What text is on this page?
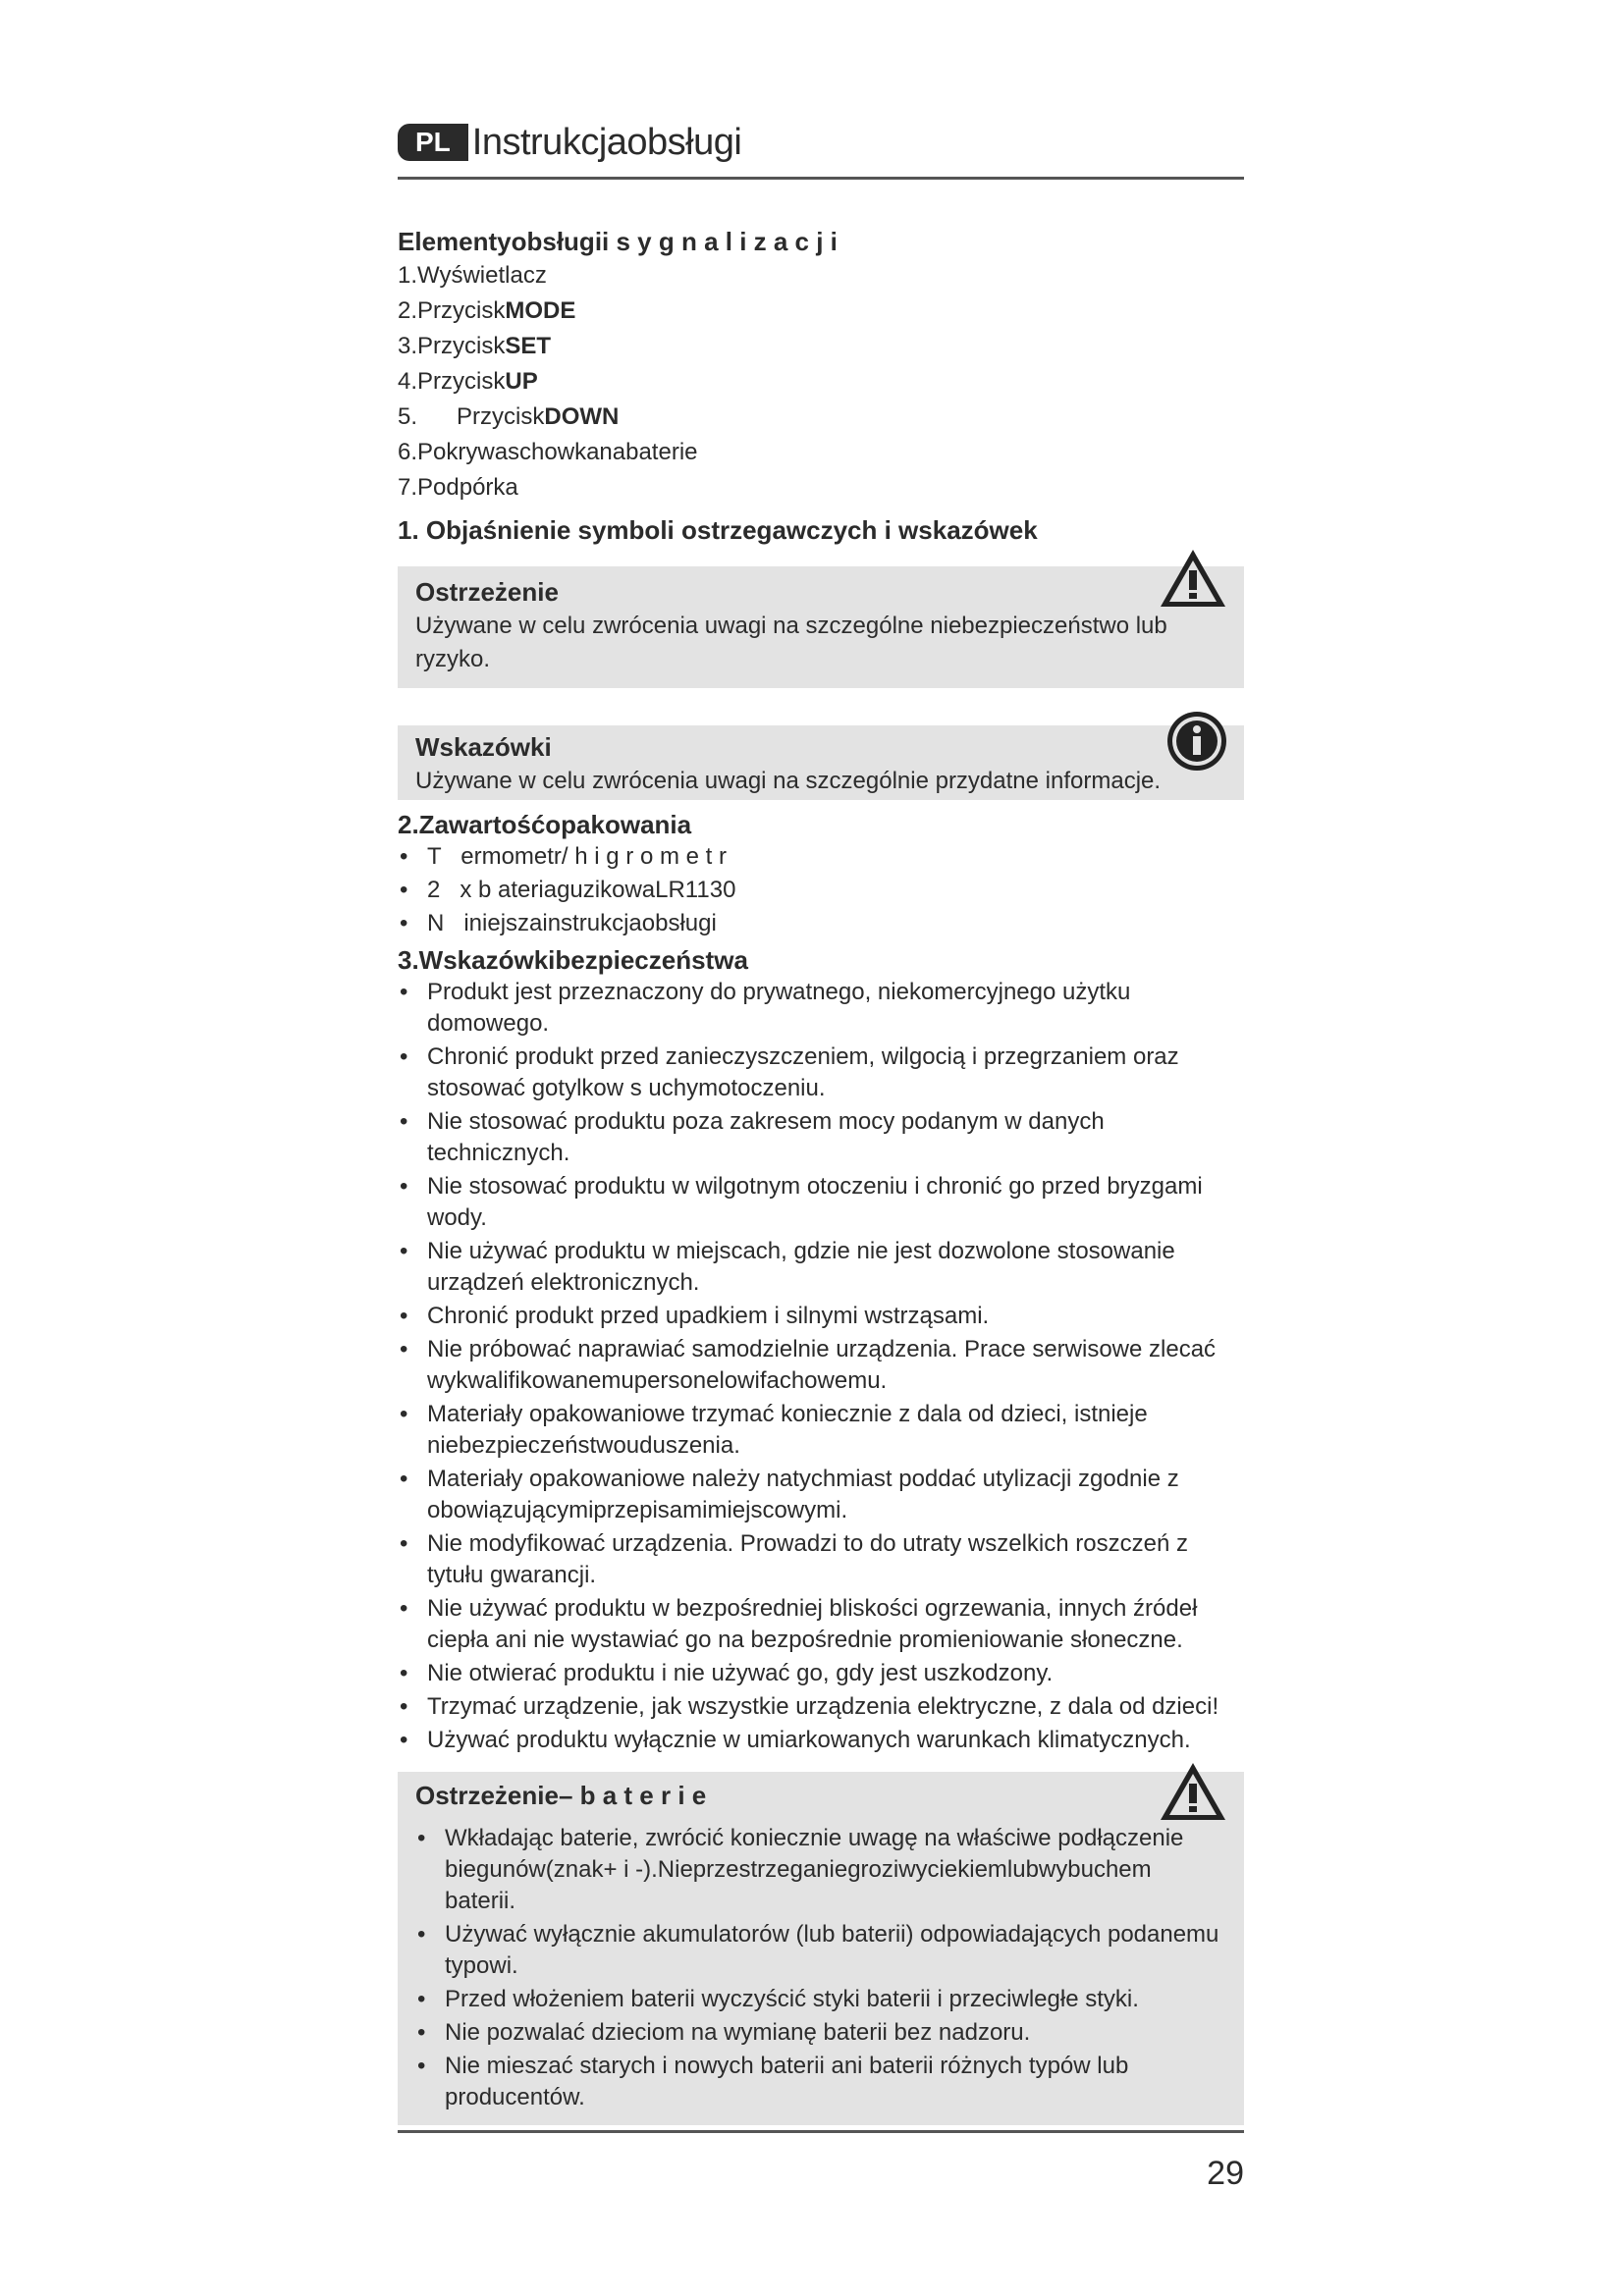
PL Instrukcjaobsługi
Elementyobsługii s y g n a l i z a c j i
1.Wyświetlacz
2.PrzyciskMODE
3.PrzyciskSET
4.PrzyciskUP
5.      PrzyciskDOWN
6.Pokrywaschowkanabaterie
7.Podpórka
1. Objaśnienie symboli ostrzegawczych i wskazówek
Ostrzeżenie
Używane w celu zwrócenia uwagi na szczególne niebezpieczeństwo lub ryzyko.
Wskazówki
Używane w celu zwrócenia uwagi na szczególnie przydatne informacje.
2.Zawartośćopakowania
• T   ermometr/ h i g r o m e t r
• 2   x b ateriaguzikowaLR1130
• N   iniejszainstrukcjaobsługi
3.Wskazówkibezpieczeństwa
• Produkt jest przeznaczony do prywatnego, niekomercyjnego użytku domowego.
• Chronić produkt przed zanieczyszczeniem, wilgocią i przegrzaniem oraz stosować gotylkow s uchymotoczeniu.
• Nie stosować produktu poza zakresem mocy podanym w danych technicznych.
• Nie stosować produktu w wilgotnym otoczeniu i chronić go przed bryzgami wody.
• Nie używać produktu w miejscach, gdzie nie jest dozwolone stosowanie urządzeń elektronicznych.
• Chronić produkt przed upadkiem i silnymi wstrząsami.
• Nie próbować naprawiać samodzielnie urządzenia. Prace serwisowe zlecać wykwalifikowanemupersonelowifachowemu.
• Materiały opakowaniowe trzymać koniecznie z dala od dzieci, istnieje niebezpieczeństwouduszenia.
• Materiały opakowaniowe należy natychmiast poddać utylizacji zgodnie z obowiązującymiprzepisamimiejscowymi.
• Nie modyfikować urządzenia. Prowadzi to do utraty wszelkich roszczeń z tytułu gwarancji.
• Nie używać produktu w bezpośredniej bliskości ogrzewania, innych źródeł ciepła ani nie wystawiać go na bezpośrednie promieniowanie słoneczne.
• Nie otwierać produktu i nie używać go, gdy jest uszkodzony.
• Trzymać urządzenie, jak wszystkie urządzenia elektryczne, z dala od dzieci!
• Używać produktu wyłącznie w umiarkowanych warunkach klimatycznych.
Ostrzeżenie– b a t e r i e
• Wkładając baterie, zwrócić koniecznie uwagę na właściwe podłączenie biegunów(znak+ i -).Nieprzestrzeganiegroziwyciekiemlubwybuchem baterii.
• Używać wyłącznie akumulatorów (lub baterii) odpowiadających podanemu typowi.
• Przed włożeniem baterii wyczyścić styki baterii i przeciwległe styki.
• Nie pozwalać dzieciom na wymianę baterii bez nadzoru.
• Nie mieszać starych i nowych baterii ani baterii różnych typów lub producentów.
29
